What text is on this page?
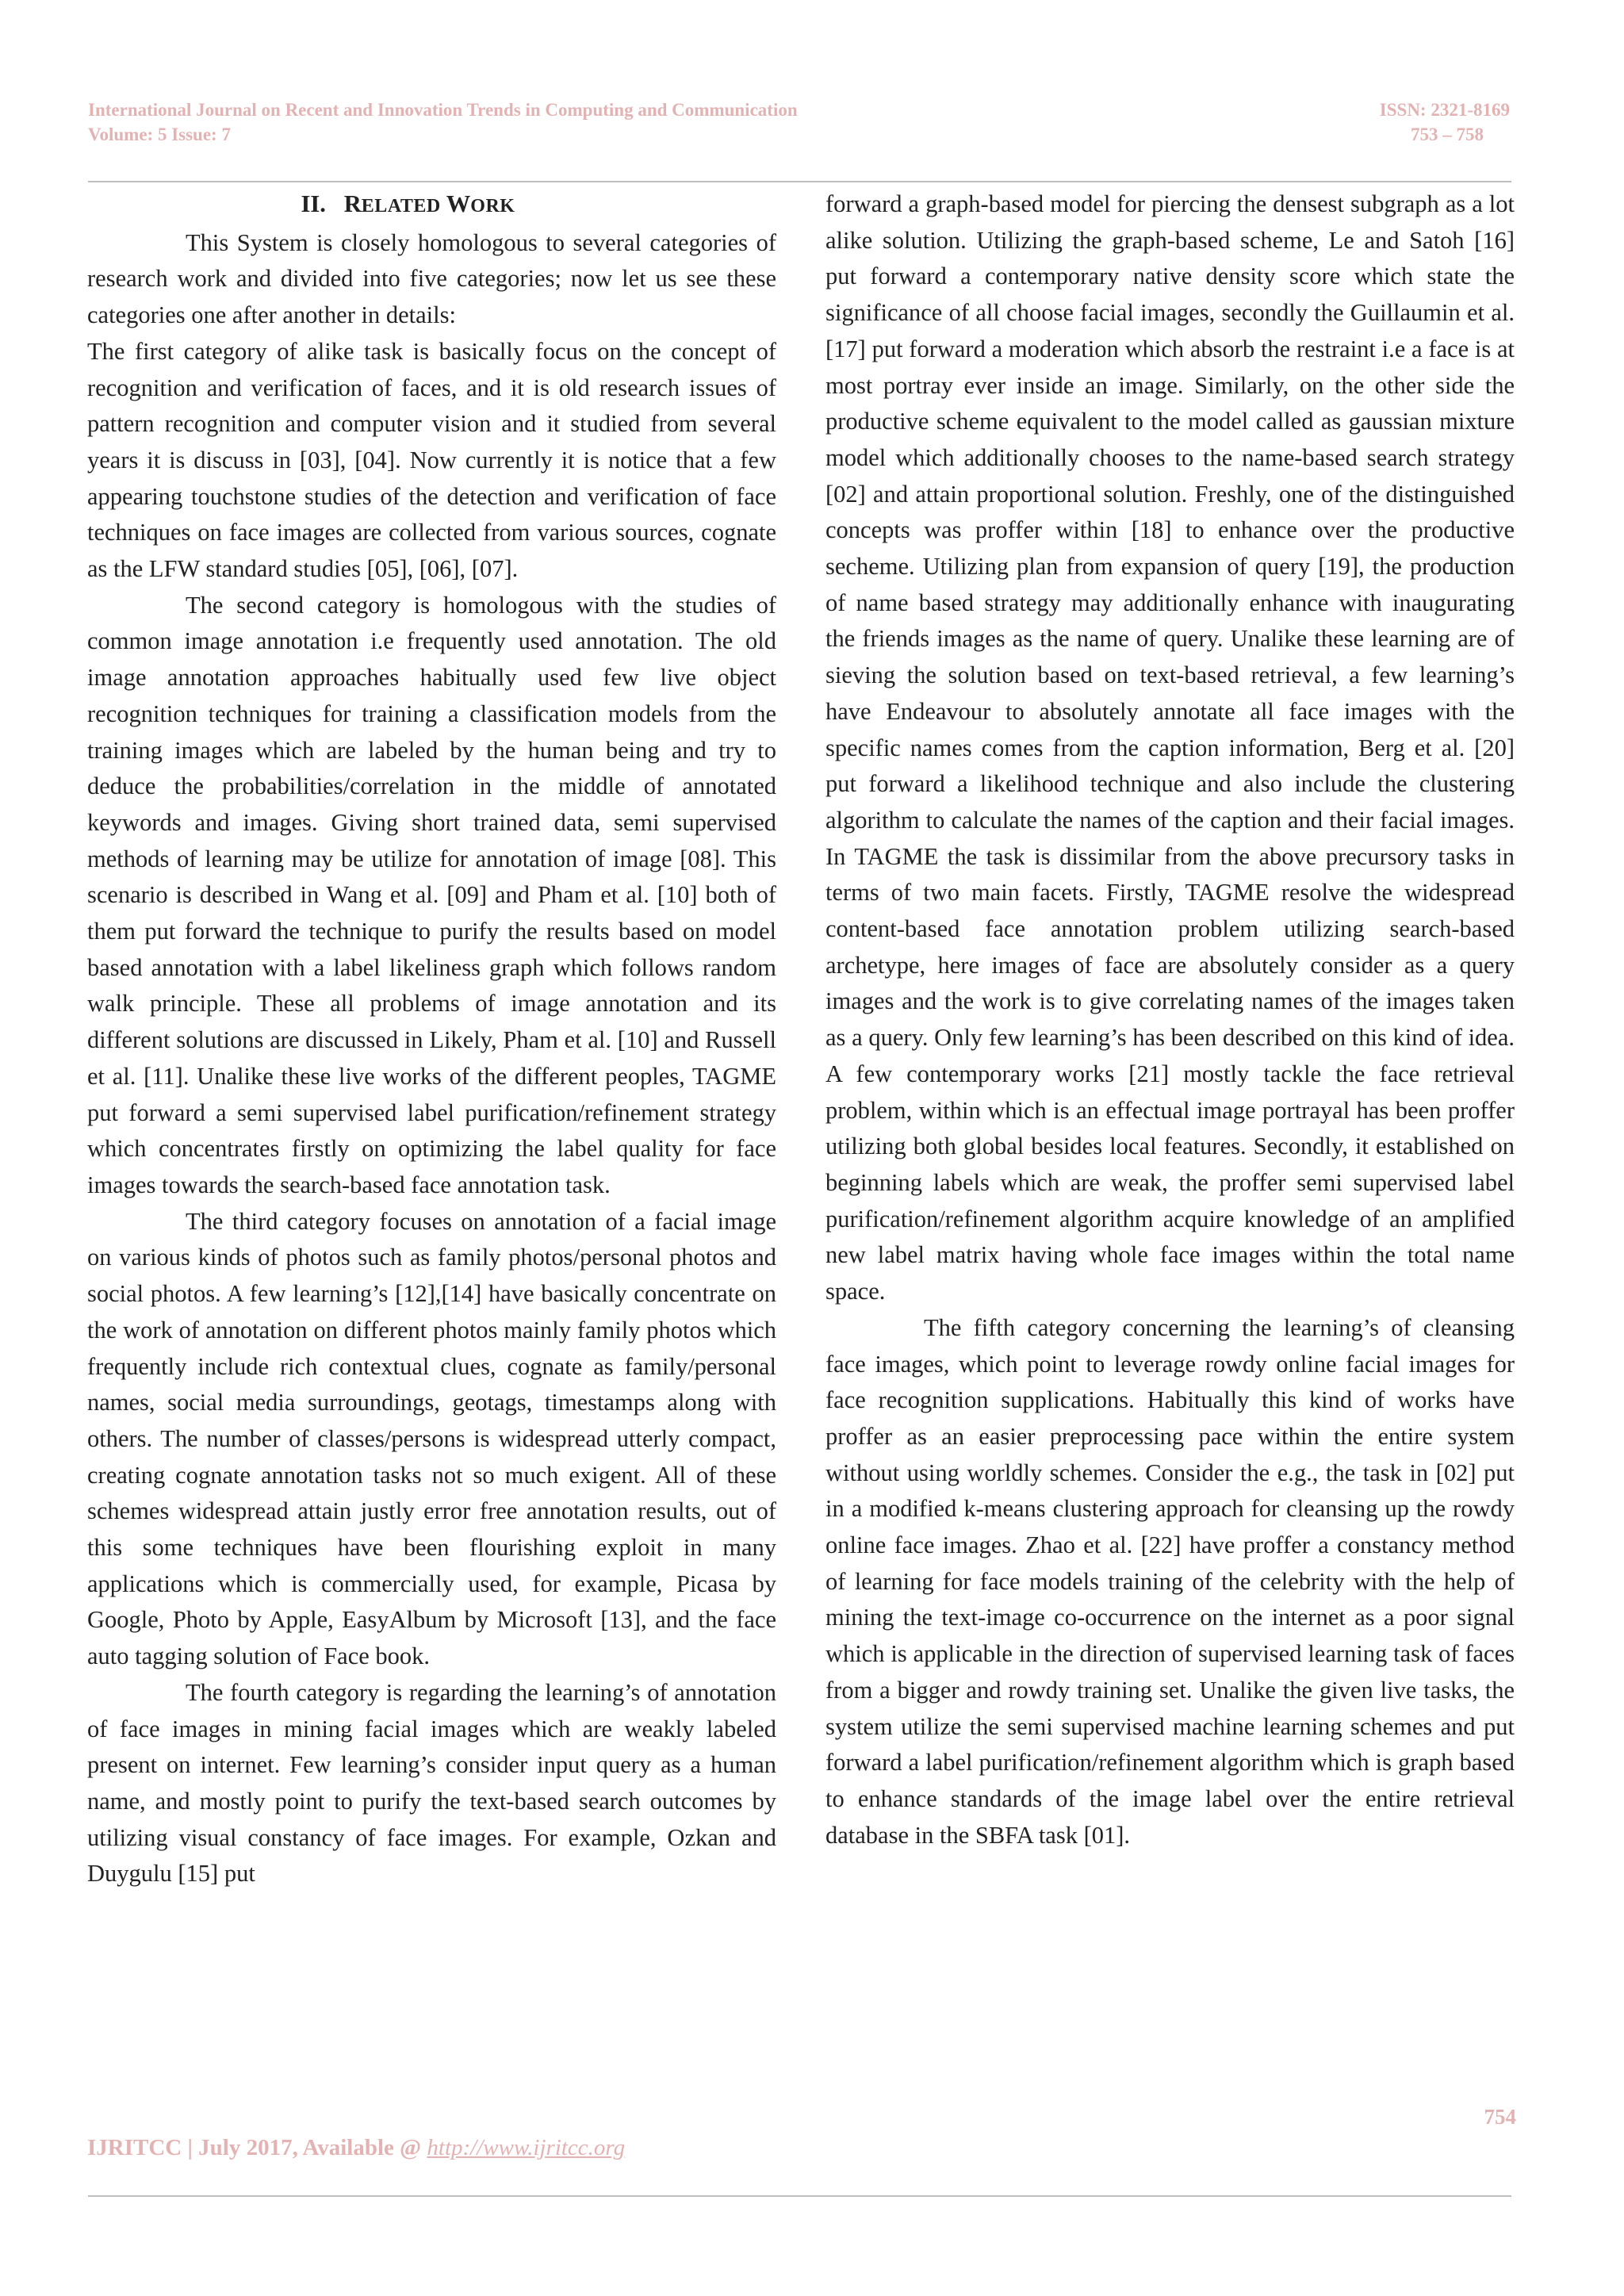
International Journal on Recent and Innovation Trends in Computing and Communication	ISSN: 2321-8169
Volume: 5 Issue: 7	753 – 758
II. RELATED WORK

This System is closely homologous to several categories of research work and divided into five categories; now let us see these categories one after another in details:

The first category of alike task is basically focus on the concept of recognition and verification of faces, and it is old research issues of pattern recognition and computer vision and it studied from several years it is discuss in [03], [04]. Now currently it is notice that a few appearing touchstone studies of the detection and verification of face techniques on face images are collected from various sources, cognate as the LFW standard studies [05], [06], [07].

The second category is homologous with the studies of common image annotation i.e frequently used annotation. The old image annotation approaches habitually used few live object recognition techniques for training a classification models from the training images which are labeled by the human being and try to deduce the probabilities/correlation in the middle of annotated keywords and images. Giving short trained data, semi supervised methods of learning may be utilize for annotation of image [08]. This scenario is described in Wang et al. [09] and Pham et al. [10] both of them put forward the technique to purify the results based on model based annotation with a label likeliness graph which follows random walk principle. These all problems of image annotation and its different solutions are discussed in Likely, Pham et al. [10] and Russell et al. [11]. Unalike these live works of the different peoples, TAGME put forward a semi supervised label purification/refinement strategy which concentrates firstly on optimizing the label quality for face images towards the search-based face annotation task.

The third category focuses on annotation of a facial image on various kinds of photos such as family photos/personal photos and social photos. A few learning’s [12],[14] have basically concentrate on the work of annotation on different photos mainly family photos which frequently include rich contextual clues, cognate as family/personal names, social media surroundings, geotags, timestamps along with others. The number of classes/persons is widespread utterly compact, creating cognate annotation tasks not so much exigent. All of these schemes widespread attain justly error free annotation results, out of this some techniques have been flourishing exploit in many applications which is commercially used, for example, Picasa by Google, Photo by Apple, EasyAlbum by Microsoft [13], and the face auto tagging solution of Face book.

The fourth category is regarding the learning’s of annotation of face images in mining facial images which are weakly labeled present on internet. Few learning’s consider input query as a human name, and mostly point to purify the text-based search outcomes by utilizing visual constancy of face images. For example, Ozkan and Duygulu [15] put

forward a graph-based model for piercing the densest subgraph as a lot alike solution. Utilizing the graph-based scheme, Le and Satoh [16] put forward a contemporary native density score which state the significance of all choose facial images, secondly the Guillaumin et al. [17] put forward a moderation which absorb the restraint i.e a face is at most portray ever inside an image. Similarly, on the other side the productive scheme equivalent to the model called as gaussian mixture model which additionally chooses to the name-based search strategy [02] and attain proportional solution. Freshly, one of the distinguished concepts was proffer within [18] to enhance over the productive secheme. Utilizing plan from expansion of query [19], the production of name based strategy may additionally enhance with inaugurating the friends images as the name of query. Unalike these learning are of sieving the solution based on text-based retrieval, a few learning’s have Endeavour to absolutely annotate all face images with the specific names comes from the caption information, Berg et al. [20] put forward a likelihood technique and also include the clustering algorithm to calculate the names of the caption and their facial images. In TAGME the task is dissimilar from the above precursory tasks in terms of two main facets. Firstly, TAGME resolve the widespread content-based face annotation problem utilizing search-based archetype, here images of face are absolutely consider as a query images and the work is to give correlating names of the images taken as a query. Only few learning’s has been described on this kind of idea. A few contemporary works [21] mostly tackle the face retrieval problem, within which is an effectual image portrayal has been proffer utilizing both global besides local features. Secondly, it established on beginning labels which are weak, the proffer semi supervised label purification/refinement algorithm acquire knowledge of an amplified new label matrix having whole face images within the total name space.

The fifth category concerning the learning’s of cleansing face images, which point to leverage rowdy online facial images for face recognition supplications. Habitually this kind of works have proffer as an easier preprocessing pace within the entire system without using worldly schemes. Consider the e.g., the task in [02] put in a modified k-means clustering approach for cleansing up the rowdy online face images. Zhao et al. [22] have proffer a constancy method of learning for face models training of the celebrity with the help of mining the text-image co-occurrence on the internet as a poor signal which is applicable in the direction of supervised learning task of faces from a bigger and rowdy training set. Unalike the given live tasks, the system utilize the semi supervised machine learning schemes and put forward a label purification/refinement algorithm which is graph based to enhance standards of the image label over the entire retrieval database in the SBFA task [01].

754
IJRITCC | July 2017, Available @ http://www.ijritcc.org
